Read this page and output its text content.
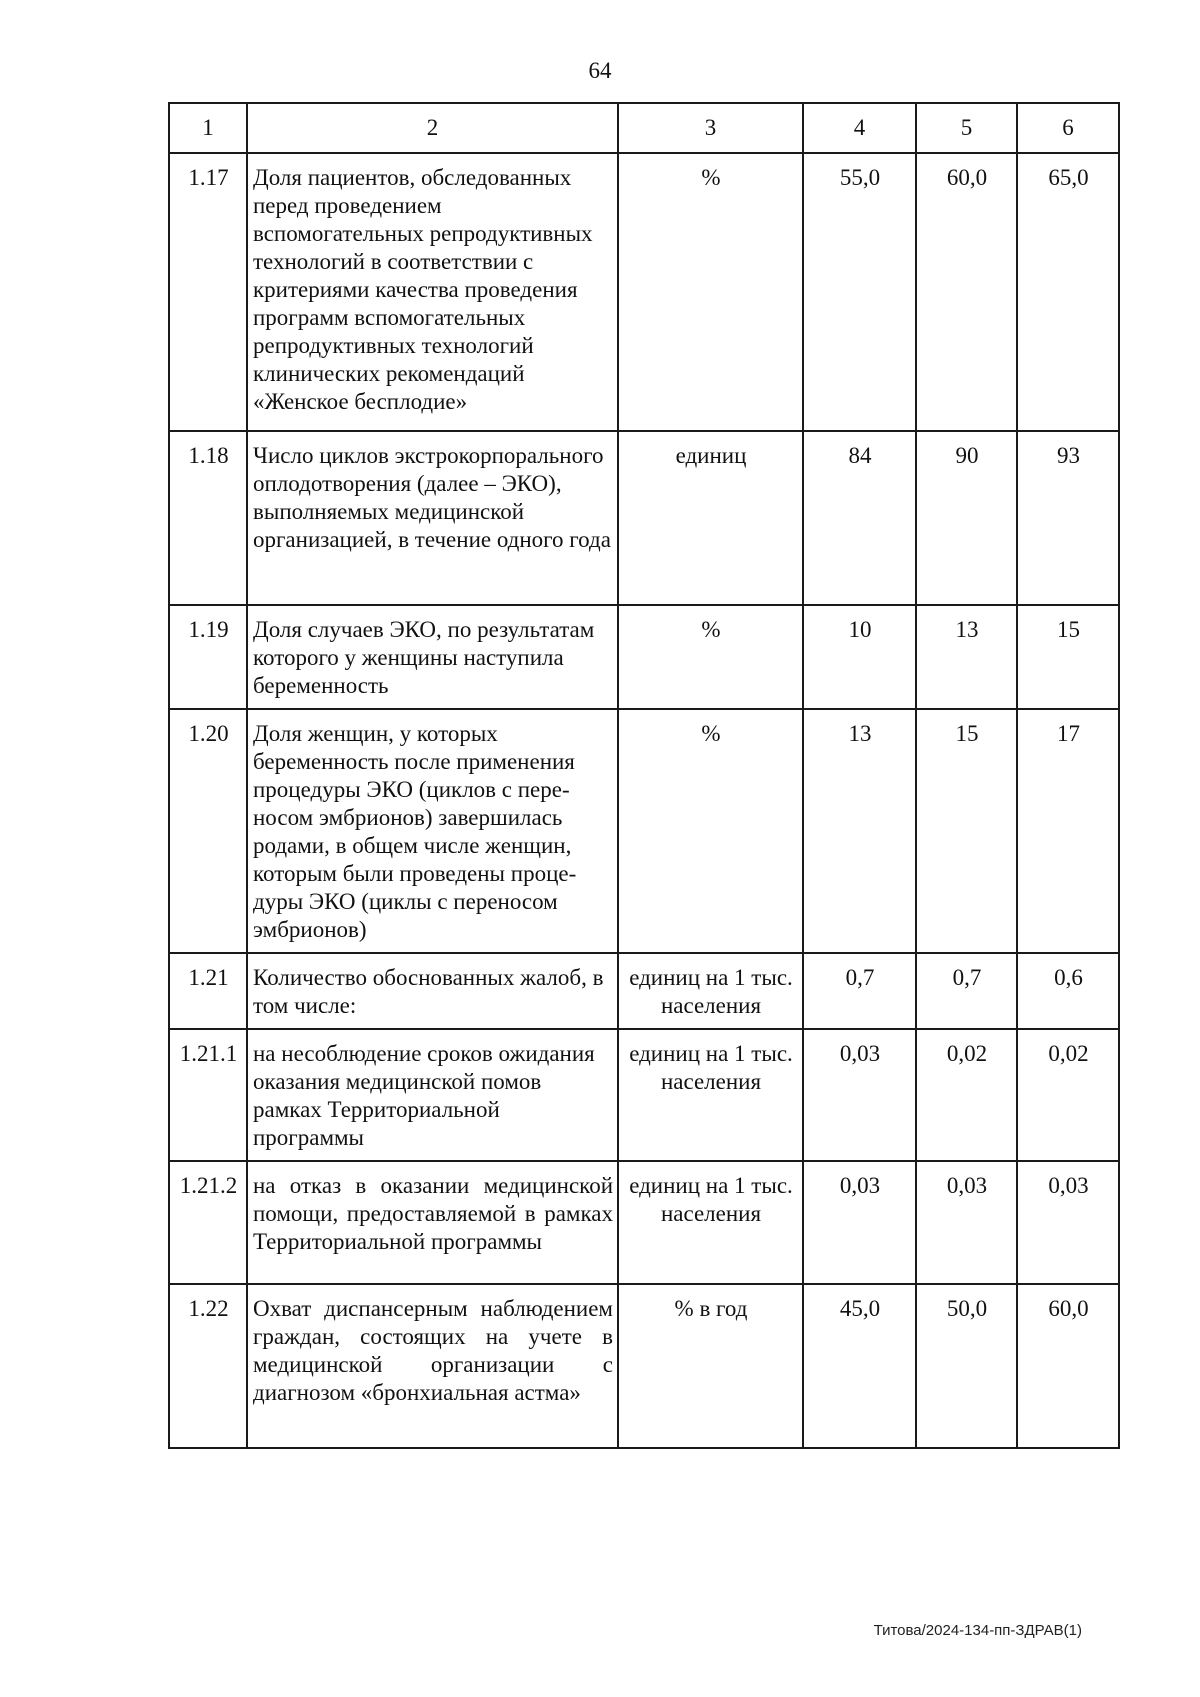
64
1	2	3	4	5	6
1.17	Доля пациентов, обследованных перед проведением вспомогательных репродуктивных технологий в соответствии с критериями качества проведения программ вспомогательных репродуктивных технологий клинических рекомендаций «Женское бесплодие»	%	55,0	60,0	65,0
1.18	Число циклов экстрокорпорального оплодотворения (далее – ЭКО), выполняемых медицинской организацией, в течение одного года	единиц	84	90	93
1.19	Доля случаев ЭКО, по результатам которого у женщины наступила беременность	%	10	13	15
1.20	Доля женщин, у которых беременность после применения процедуры ЭКО (циклов с переносом эмбрионов) завершилась родами, в общем числе женщин, которым были проведены процедуры ЭКО (циклы с переносом эмбрионов)	%	13	15	17
1.21	Количество обоснованных жалоб, в том числе:	единиц на 1 тыс. населения	0,7	0,7	0,6
1.21.1	на несоблюдение сроков ожидания оказания медицинской помов рамках Территориальной программы	единиц на 1 тыс. населения	0,03	0,02	0,02
1.21.2	на отказ в оказании медицинской помощи, предоставляемой в рамках Территориальной программы	единиц на 1 тыс. населения	0,03	0,03	0,03
1.22	Охват диспансерным наблюдением граждан, состоящих на учете в медицинской организации с диагнозом «бронхиальная астма»	% в год	45,0	50,0	60,0
Титова/2024-134-пп-ЗДРАВ(1)
